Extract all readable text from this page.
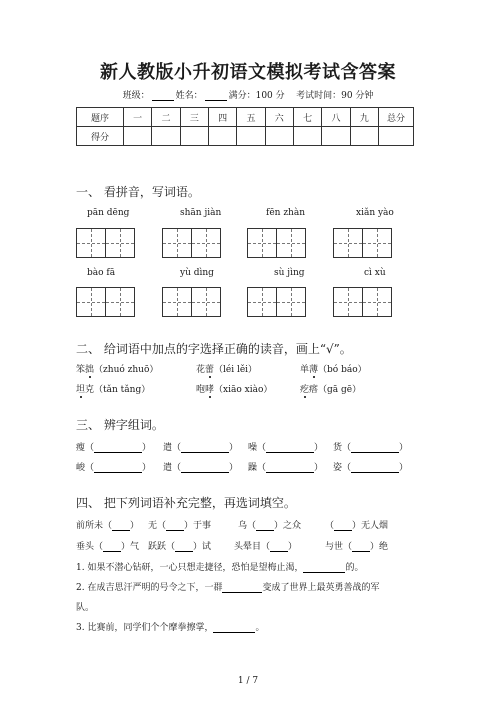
新人教版小升初语文模拟考试含答案
班级：	姓名：	满分：100 分 考试时间：90 分钟
题序	一	二	三	四	五	六	七	八	九	总分
得分										
一、 看拼音，写词语。
pān dēng	shān jiàn	fēn zhàn	xiǎn yào
bào fā	yù dìng	sù jìng	cì xù
二、 给词语中加点的字选择正确的读音，画上“√”。
笨拙（zhuó zhuō）	花蕾（léi lěi）	单薄（bó báo）
坦克（tǎn tǎng）	咆哮（xiāo xiào）	疙瘩（gā gē）
三、 辨字组词。
瘦（	） 遣（	） 噪（	） 货（	）
峻（	） 遣（	） 躁（	） 姿（	）
四、 把下列词语补充完整，再选词填空。
前所未（ ） 无（ ）于事	乌（ ）之众	（ ）无人烟
垂头（ ）气 跃跃（ ）试	头晕目（ ）	与世（ ）绝
1. 如果不潜心钻研，一心只想走捷径，恐怕是望梅止渴，	的。
2. 在成吉思汗严明的号令之下，一群	变成了世界上最英勇善战的军
队。
3. 比赛前，同学们个个摩拳擦掌，	。
1 / 7
